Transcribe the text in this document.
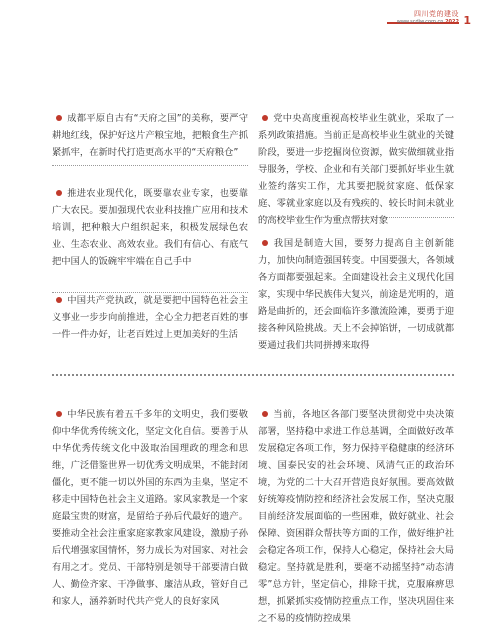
四川党的建设
www.scdjw.com.cn 2022 1
成都平原自古有“天府之国”的美称，要严守耕地红线，保护好这片产粮宝地，把粮食生产抓紧抓牢，在新时代打造更高水平的“天府粮仓”
推进农业现代化，既要靠农业专家，也要靠广大农民。要加强现代农业科技推广应用和技术培训，把种粮大户组织起来，积极发展绿色农业、生态农业、高效农业。我们有信心、有底气把中国人的饭碗牢牢端在自己手中
中国共产党执政，就是要把中国特色社会主义事业一步步向前推进，全心全力把老百姓的事一件一件办好，让老百姓过上更加美好的生活
中华民族有着五千多年的文明史，我们要敬仰中华优秀传统文化，坚定文化自信。要善于从中华优秀传统文化中汲取治国理政的理念和思维，广泛借鉴世界一切优秀文明成果，不能封闭僵化，更不能一切以外国的东西为圭臬，坚定不移走中国特色社会主义道路。家风家教是一个家庭最宝贵的财富，是留给子孙后代最好的遗产。要推动全社会注重家庭家教家风建设，激励子孙后代增强家国情怀，努力成长为对国家、对社会有用之才。党员、干部特别是领导干部要清白做人、勤俭齐家、干净做事、廉洁从政，管好自己和家人，涵养新时代共产党人的良好家风
党中央高度重视高校毕业生就业，采取了一系列政策措施。当前正是高校毕业生就业的关键阶段，要进一步挖掘岗位资源，做实做细就业指导服务，学校、企业和有关部门要抓好毕业生就业签约落实工作，尤其要把脱贫家庭、低保家庭、零就业家庭以及有残疾的、较长时间未就业的高校毕业生作为重点帮扶对象
我国是制造大国，要努力提高自主创新能力，加快向制造强国转变。中国要强大，各领域各方面都要强起来。全面建设社会主义现代化国家，实现中华民族伟大复兴，前途是光明的，道路是曲折的，还会面临许多激流险滩，要勇于迎接各种风险挑战。天上不会掉馅饼，一切成就都要通过我们共同拼搏来取得
当前，各地区各部门要坚决贯彻党中央决策部署，坚持稳中求进工作总基调，全面做好改革发展稳定各项工作，努力保持平稳健康的经济环境、国泰民安的社会环境、风清气正的政治环境，为党的二十大召开营造良好氛围。要高效做好统筹疫情防控和经济社会发展工作，坚决克服目前经济发展面临的一些困难，做好就业、社会保障、资困群众帮扶等方面的工作，做好维护社会稳定各项工作，保持人心稳定，保持社会大局稳定。坚持就是胜利，要毫不动摇坚持“动态清零”总方针，坚定信心，排除干扰，克服麻痹思想，抓紧抓实疫情防控重点工作，坚决巩固住来之不易的疫情防控成果
